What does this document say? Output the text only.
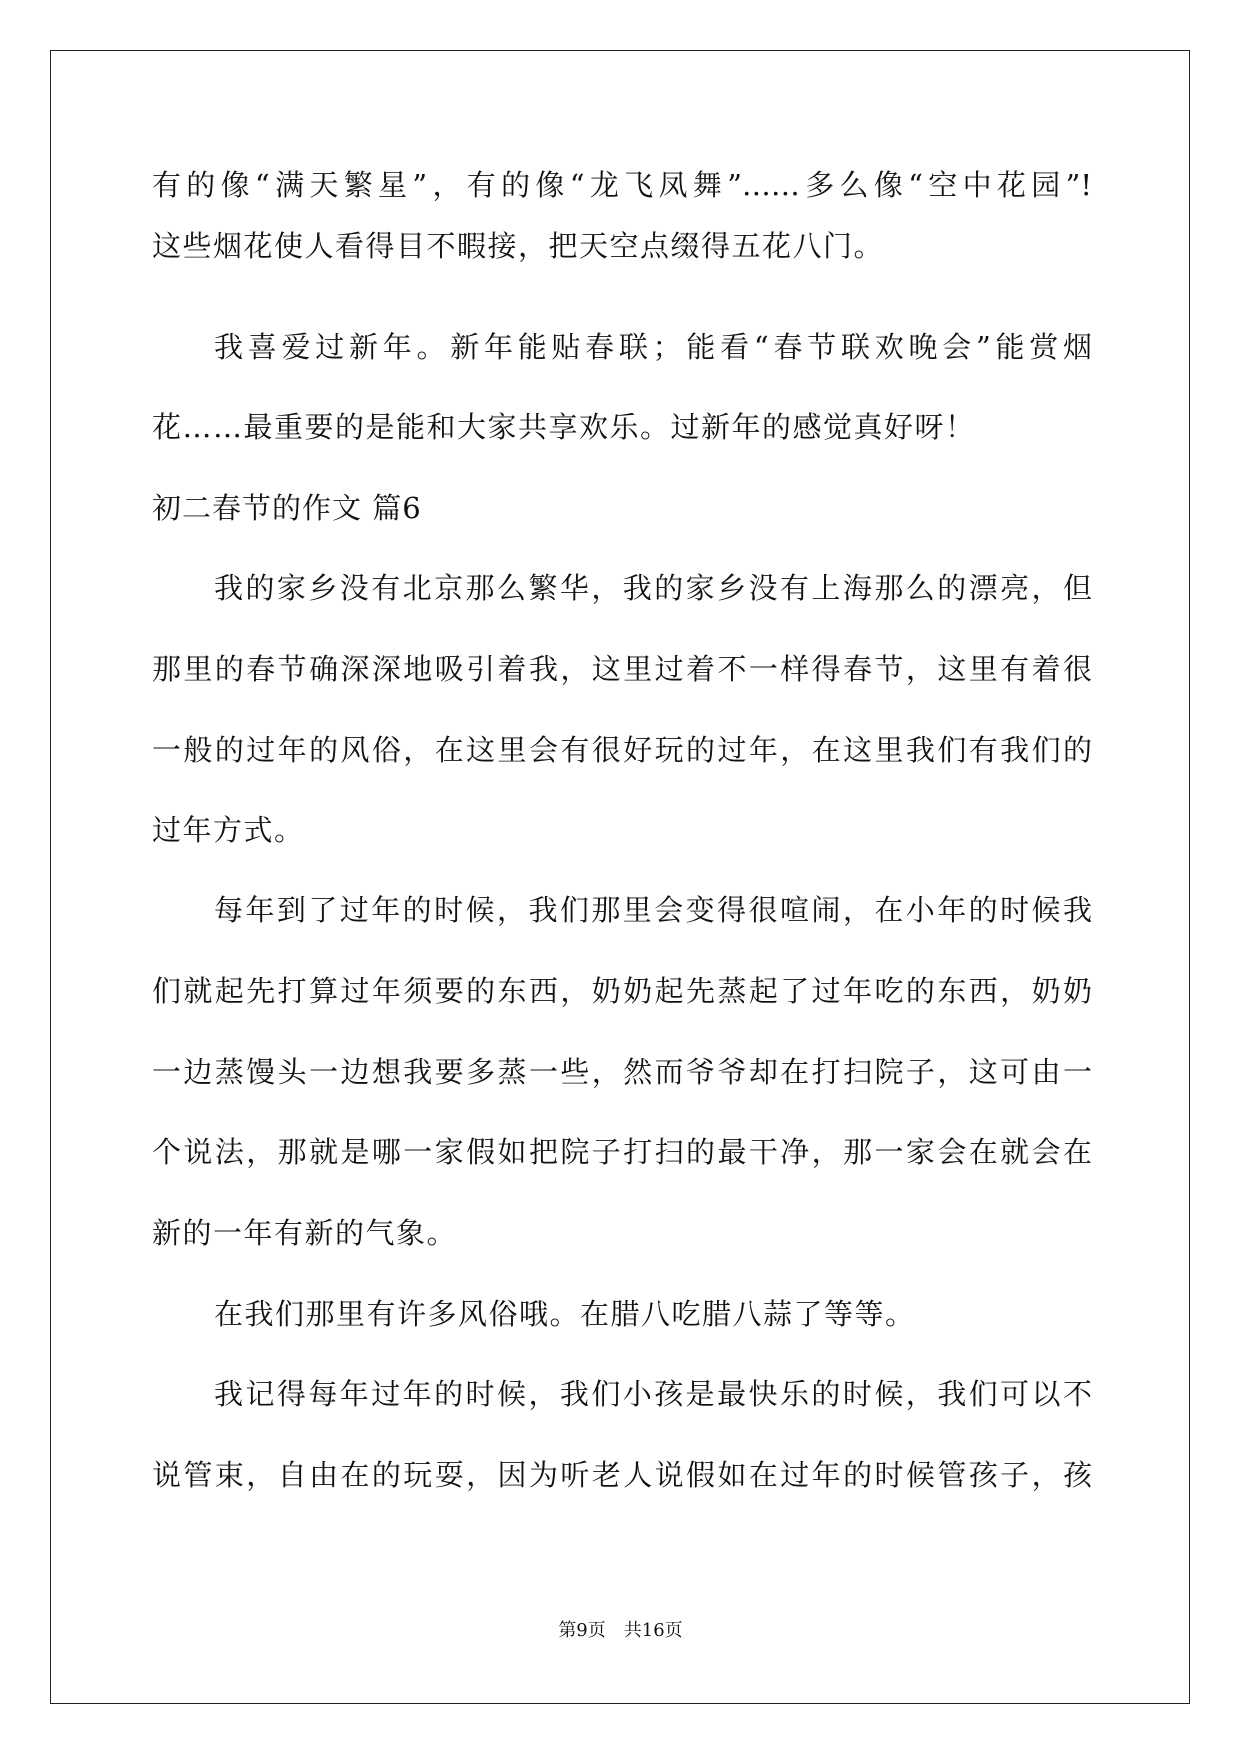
有的像“满天繁星”，有的像“龙飞凤舞”……多么像“空中花园”!
这些烟花使人看得目不暇接，把天空点缀得五花八门。
我喜爱过新年。新年能贴春联；能看“春节联欢晚会”能赏烟
花……最重要的是能和大家共享欢乐。过新年的感觉真好呀！
初二春节的作文 篇6
我的家乡没有北京那么繁华，我的家乡没有上海那么的漂亮，但
那里的春节确深深地吸引着我，这里过着不一样得春节，这里有着很
一般的过年的风俗，在这里会有很好玩的过年，在这里我们有我们的
过年方式。
每年到了过年的时候，我们那里会变得很喧闹，在小年的时候我
们就起先打算过年须要的东西，奶奶起先蒸起了过年吃的东西，奶奶
一边蒸馒头一边想我要多蒸一些，然而爷爷却在打扫院子，这可由一
个说法，那就是哪一家假如把院子打扫的最干净，那一家会在就会在
新的一年有新的气象。
在我们那里有许多风俗哦。在腊八吃腊八蒜了等等。
我记得每年过年的时候，我们小孩是最快乐的时候，我们可以不
说管束，自由在的玩耍，因为听老人说假如在过年的时候管孩子，孩
第9页 共16页
